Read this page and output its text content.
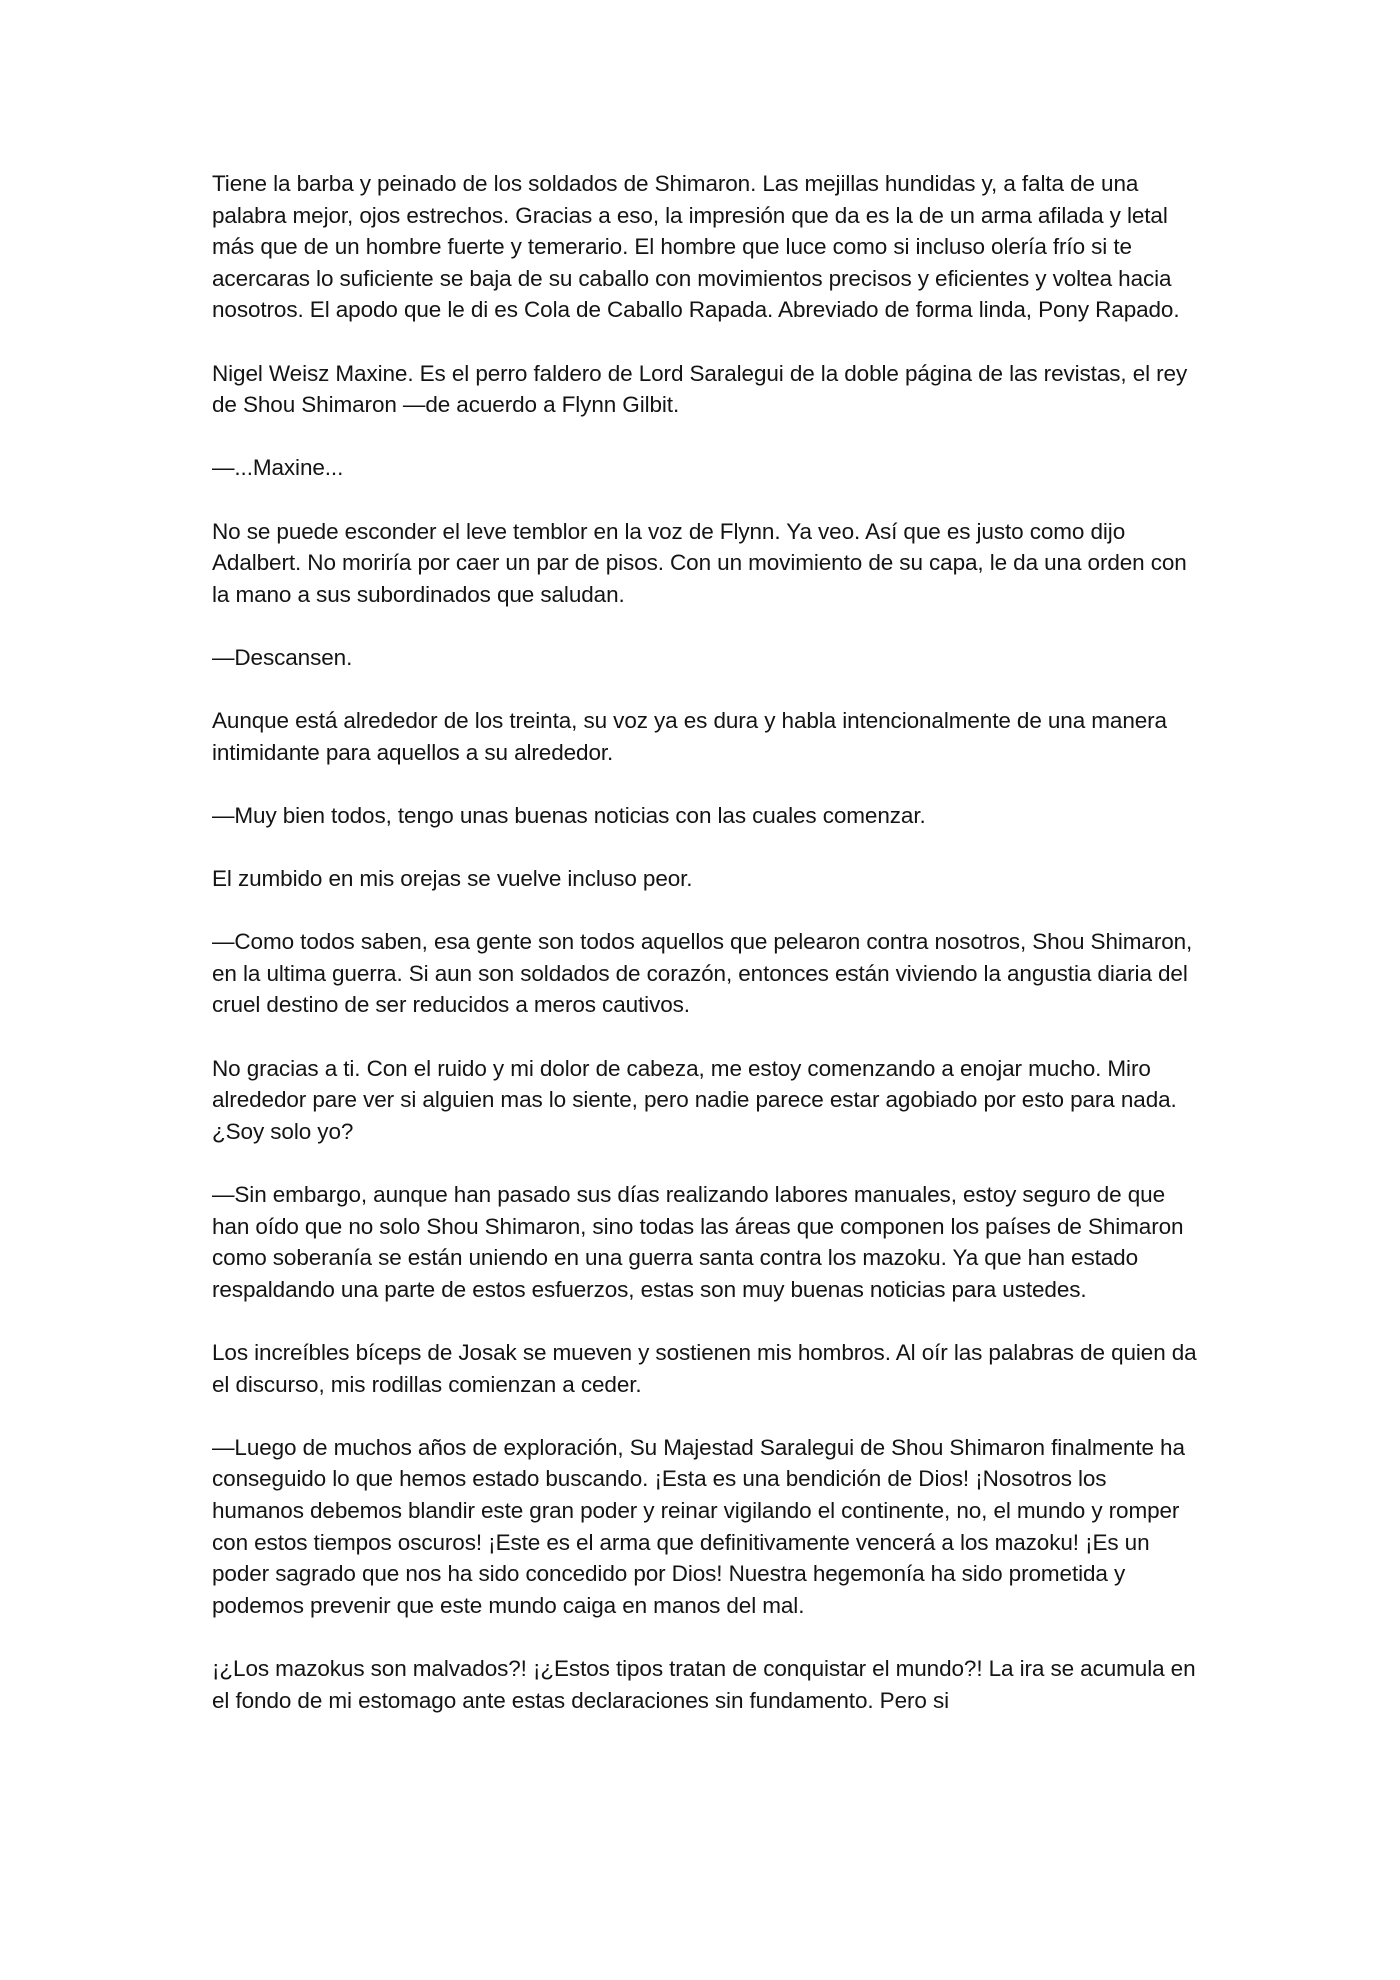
Tiene la barba y peinado de los soldados de Shimaron. Las mejillas hundidas y, a falta de una palabra mejor, ojos estrechos. Gracias a eso, la impresión que da es la de un arma afilada y letal más que de un hombre fuerte y temerario. El hombre que luce como si incluso olería frío si te acercaras lo suficiente se baja de su caballo con movimientos precisos y eficientes y voltea hacia nosotros. El apodo que le di es Cola de Caballo Rapada. Abreviado de forma linda, Pony Rapado.

Nigel Weisz Maxine. Es el perro faldero de Lord Saralegui de la doble página de las revistas, el rey de Shou Shimaron —de acuerdo a Flynn Gilbit.

—...Maxine...

No se puede esconder el leve temblor en la voz de Flynn. Ya veo. Así que es justo como dijo Adalbert. No moriría por caer un par de pisos. Con un movimiento de su capa, le da una orden con la mano a sus subordinados que saludan.

—Descansen.

Aunque está alrededor de los treinta, su voz ya es dura y habla intencionalmente de una manera intimidante para aquellos a su alrededor.

—Muy bien todos, tengo unas buenas noticias con las cuales comenzar.

El zumbido en mis orejas se vuelve incluso peor.

—Como todos saben, esa gente son todos aquellos que pelearon contra nosotros, Shou Shimaron, en la ultima guerra. Si aun son soldados de corazón, entonces están viviendo la angustia diaria del cruel destino de ser reducidos a meros cautivos.

No gracias a ti. Con el ruido y mi dolor de cabeza, me estoy comenzando a enojar mucho. Miro alrededor pare ver si alguien mas lo siente, pero nadie parece estar agobiado por esto para nada. ¿Soy solo yo?

—Sin embargo, aunque han pasado sus días realizando labores manuales, estoy seguro de que han oído que no solo Shou Shimaron, sino todas las áreas que componen los países de Shimaron como soberanía se están uniendo en una guerra santa contra los mazoku. Ya que han estado respaldando una parte de estos esfuerzos, estas son muy buenas noticias para ustedes.

Los increíbles bíceps de Josak se mueven y sostienen mis hombros. Al oír las palabras de quien da el discurso, mis rodillas comienzan a ceder.

—Luego de muchos años de exploración, Su Majestad Saralegui de Shou Shimaron finalmente ha conseguido lo que hemos estado buscando. ¡Esta es una bendición de Dios! ¡Nosotros los humanos debemos blandir este gran poder y reinar vigilando el continente, no, el mundo y romper con estos tiempos oscuros! ¡Este es el arma que definitivamente vencerá a los mazoku! ¡Es un poder sagrado que nos ha sido concedido por Dios! Nuestra hegemonía ha sido prometida y podemos prevenir que este mundo caiga en manos del mal.

¡¿Los mazokus son malvados?! ¡¿Estos tipos tratan de conquistar el mundo?! La ira se acumula en el fondo de mi estomago ante estas declaraciones sin fundamento. Pero si
